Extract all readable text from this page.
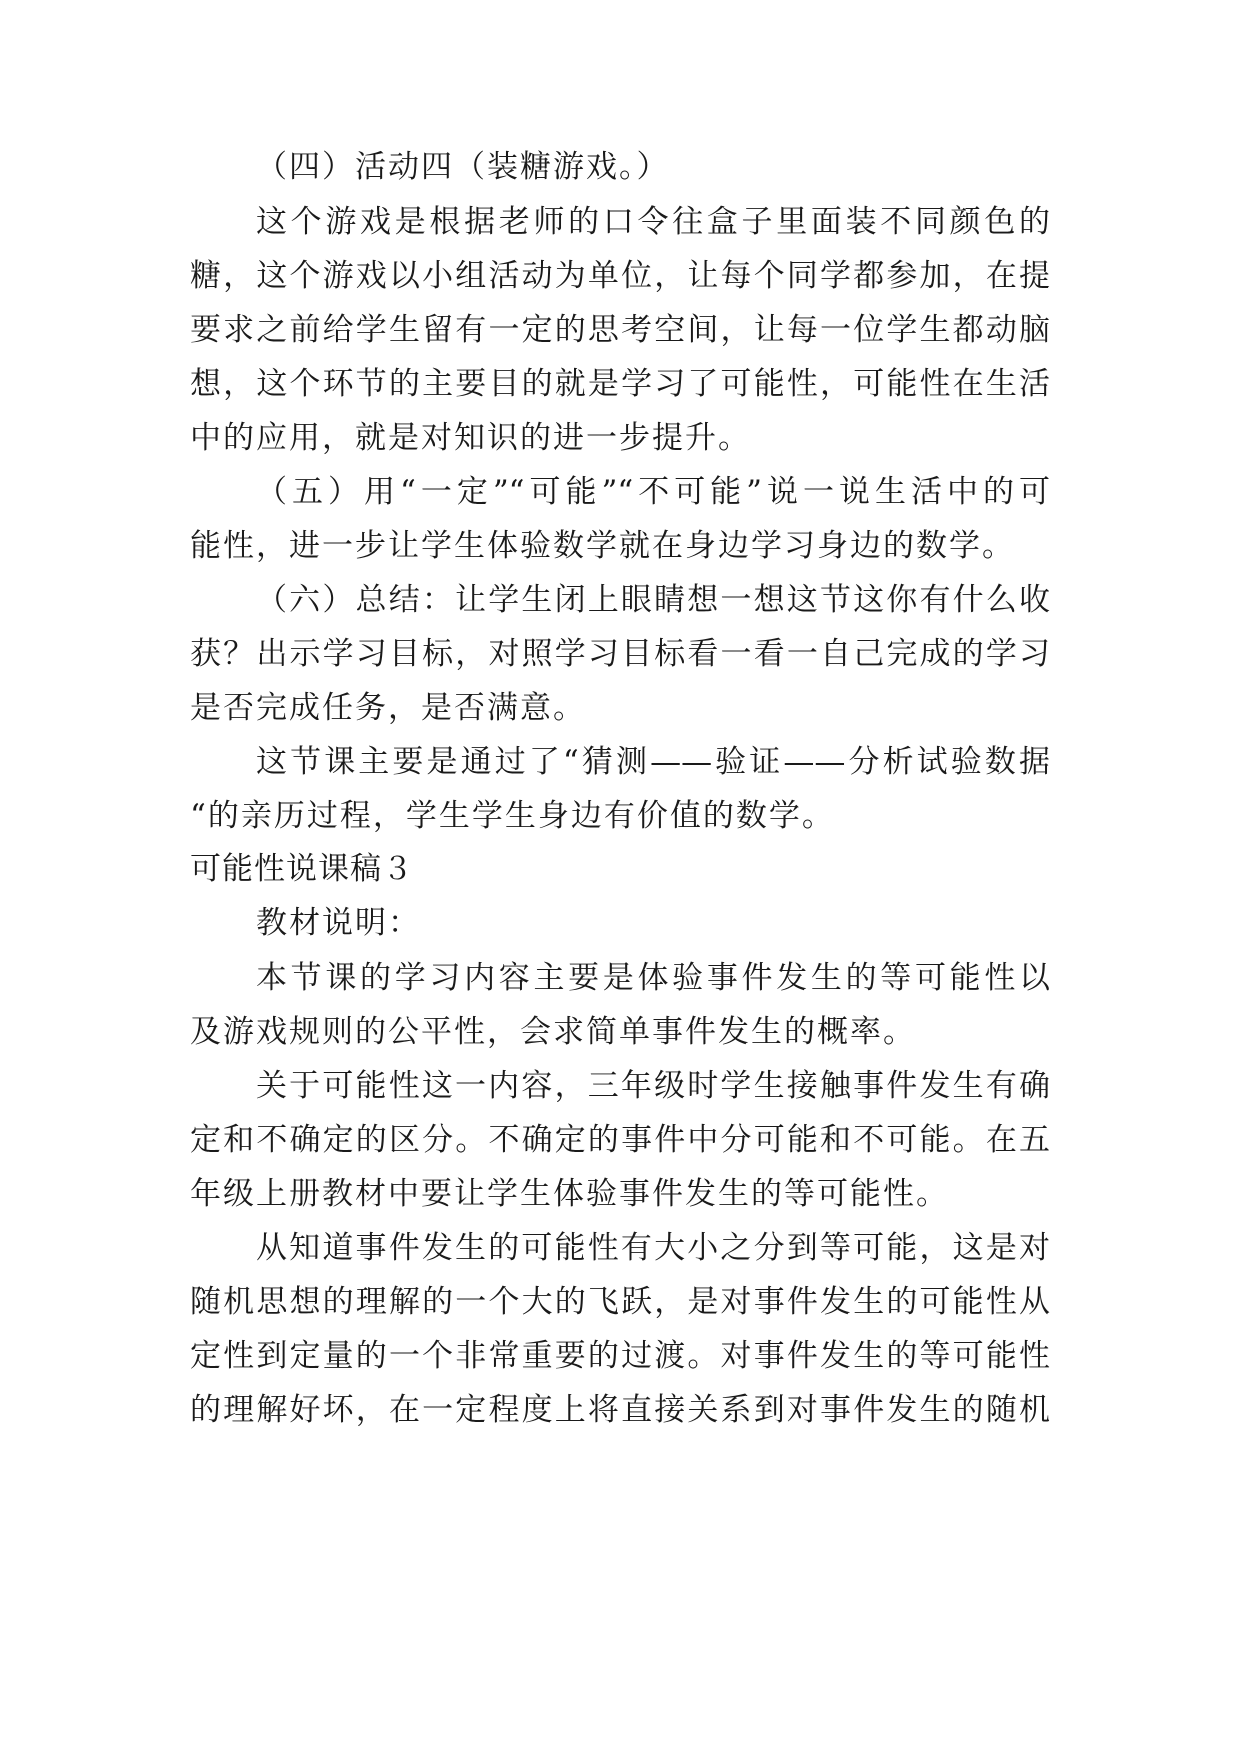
（四）活动四（装糖游戏。）
这个游戏是根据老师的口令往盒子里面装不同颜色的
糖，这个游戏以小组活动为单位，让每个同学都参加，在提
要求之前给学生留有一定的思考空间，让每一位学生都动脑
想，这个环节的主要目的就是学习了可能性，可能性在生活
中的应用，就是对知识的进一步提升。
（五）用“一定”“可能”“不可能”说一说生活中的可
能性，进一步让学生体验数学就在身边学习身边的数学。
（六）总结：让学生闭上眼睛想一想这节这你有什么收
获？出示学习目标，对照学习目标看一看一自己完成的学习
是否完成任务，是否满意。
这节课主要是通过了“猜测——验证——分析试验数据
“的亲历过程，学生学生身边有价值的数学。
可能性说课稿３
教材说明：
本节课的学习内容主要是体验事件发生的等可能性以
及游戏规则的公平性，会求简单事件发生的概率。
关于可能性这一内容，三年级时学生接触事件发生有确
定和不确定的区分。不确定的事件中分可能和不可能。在五
年级上册教材中要让学生体验事件发生的等可能性。
从知道事件发生的可能性有大小之分到等可能，这是对
随机思想的理解的一个大的飞跃，是对事件发生的可能性从
定性到定量的一个非常重要的过渡。对事件发生的等可能性
的理解好坏，在一定程度上将直接关系到对事件发生的随机
